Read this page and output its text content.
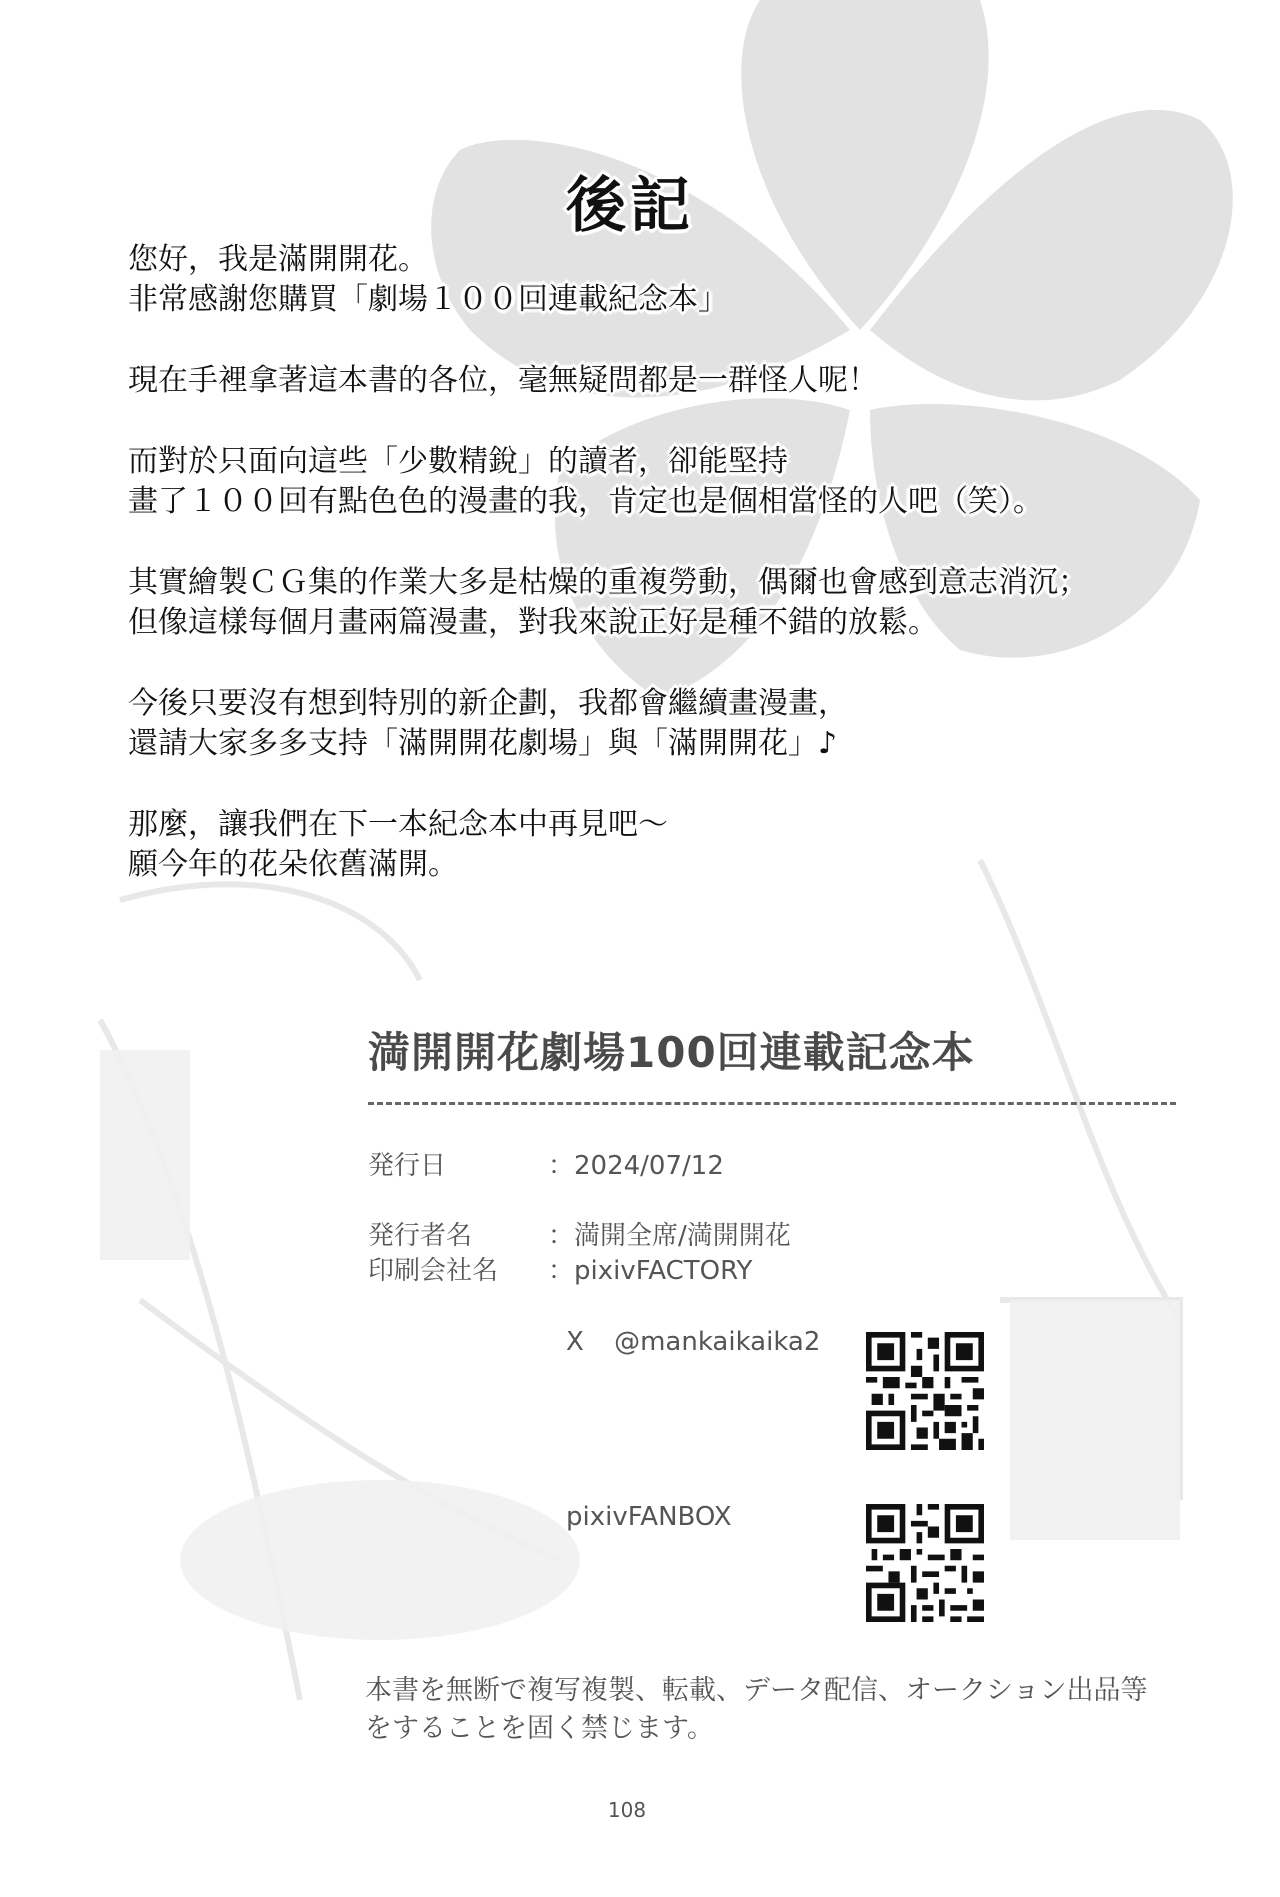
後記
您好，我是滿開開花。
非常感謝您購買「劇場１００回連載紀念本」
現在手裡拿著這本書的各位，毫無疑問都是一群怪人呢！
而對於只面向這些「少數精銳」的讀者，卻能堅持
畫了１００回有點色色的漫畫的我，肯定也是個相當怪的人吧（笑）。
其實繪製ＣＧ集的作業大多是枯燥的重複勞動，偶爾也會感到意志消沉；
但像這樣每個月畫兩篇漫畫，對我來說正好是種不錯的放鬆。
今後只要沒有想到特別的新企劃，我都會繼續畫漫畫，
還請大家多多支持「滿開開花劇場」與「滿開開花」♪
那麼，讓我們在下一本紀念本中再見吧～
願今年的花朵依舊滿開。
満開開花劇場100回連載記念本
発行日	：2024/07/12
発行者名	：満開全席/満開開花
印刷会社名 ：pixivFACTORY
X @mankaikaika2
pixivFANBOX
本書を無断で複写複製、転載、データ配信、オークション出品等
をすることを固く禁じます。
108
